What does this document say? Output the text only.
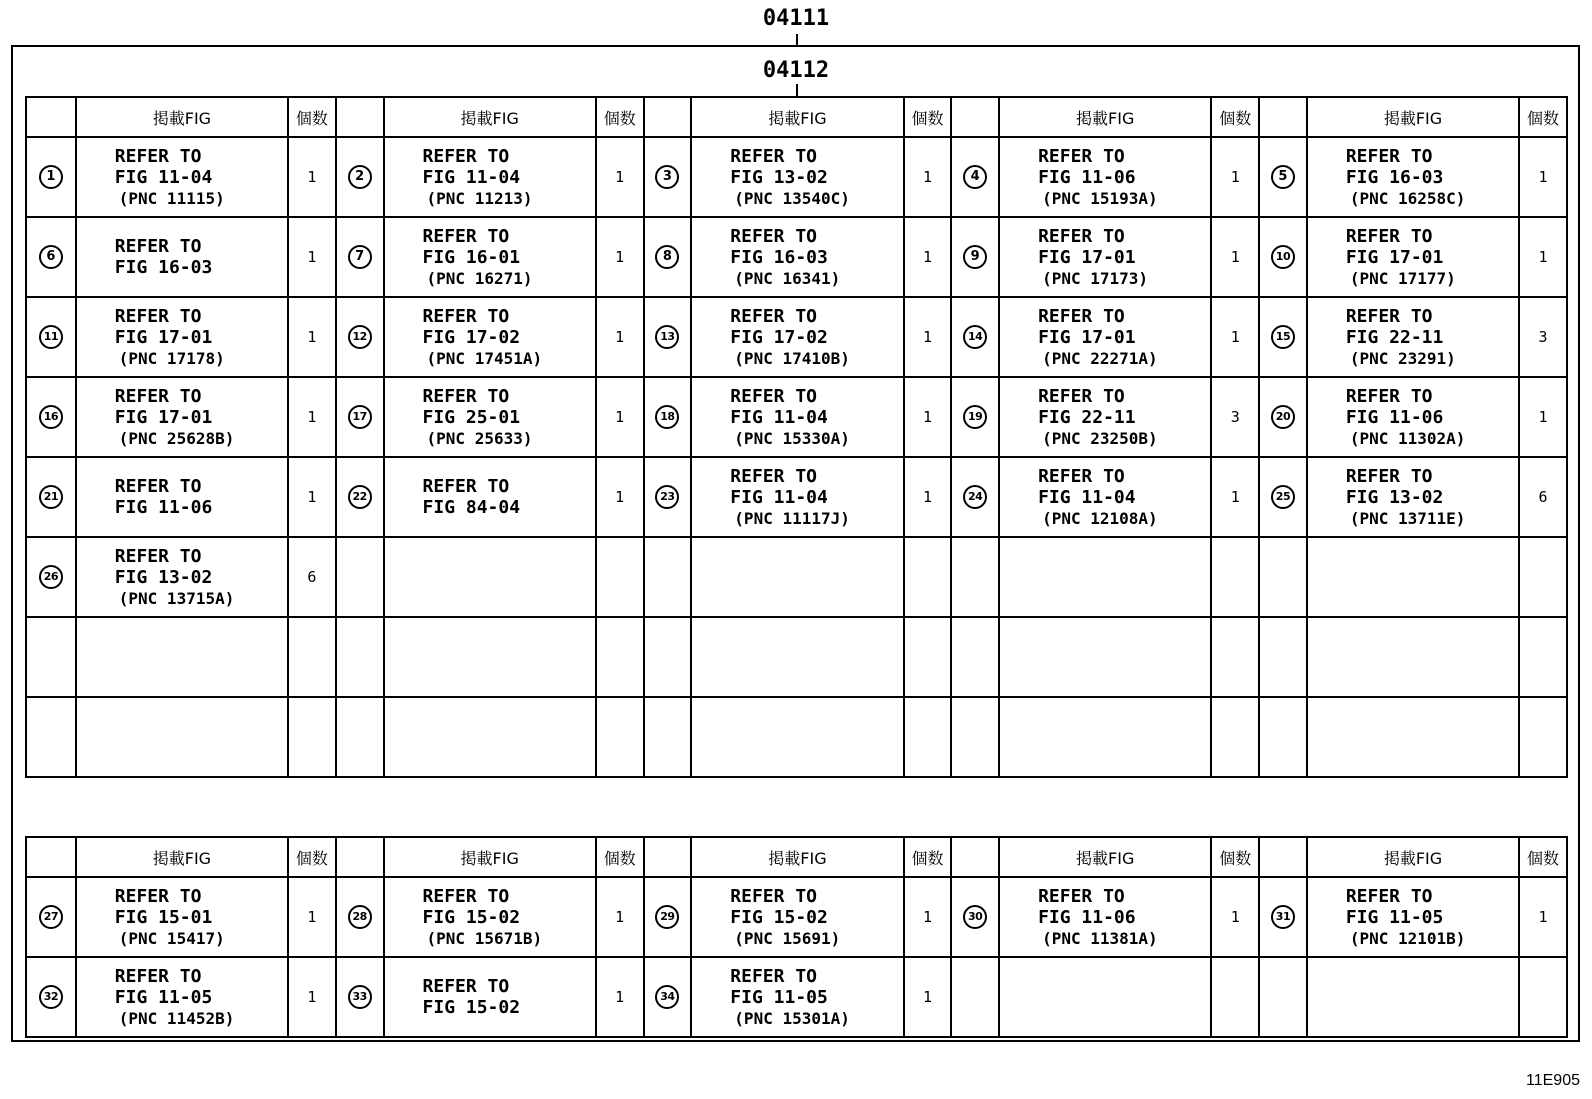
04111
04112
	掲載FIG	個数		掲載FIG	個数		掲載FIG	個数		掲載FIG	個数		掲載FIG	個数
1	REFER TO
FIG 11-04
(PNC 11115)	1	2	REFER TO
FIG 11-04
(PNC 11213)	1	3	REFER TO
FIG 13-02
(PNC 13540C)	1	4	REFER TO
FIG 11-06
(PNC 15193A)	1	5	REFER TO
FIG 16-03
(PNC 16258C)	1
6	REFER TO
FIG 16-03	1	7	REFER TO
FIG 16-01
(PNC 16271)	1	8	REFER TO
FIG 16-03
(PNC 16341)	1	9	REFER TO
FIG 17-01
(PNC 17173)	1	10	REFER TO
FIG 17-01
(PNC 17177)	1
11	REFER TO
FIG 17-01
(PNC 17178)	1	12	REFER TO
FIG 17-02
(PNC 17451A)	1	13	REFER TO
FIG 17-02
(PNC 17410B)	1	14	REFER TO
FIG 17-01
(PNC 22271A)	1	15	REFER TO
FIG 22-11
(PNC 23291)	3
16	REFER TO
FIG 17-01
(PNC 25628B)	1	17	REFER TO
FIG 25-01
(PNC 25633)	1	18	REFER TO
FIG 11-04
(PNC 15330A)	1	19	REFER TO
FIG 22-11
(PNC 23250B)	3	20	REFER TO
FIG 11-06
(PNC 11302A)	1
21	REFER TO
FIG 11-06	1	22	REFER TO
FIG 84-04	1	23	REFER TO
FIG 11-04
(PNC 11117J)	1	24	REFER TO
FIG 11-04
(PNC 12108A)	1	25	REFER TO
FIG 13-02
(PNC 13711E)	6
26	REFER TO
FIG 13-02
(PNC 13715A)	6												

	掲載FIG	個数		掲載FIG	個数		掲載FIG	個数		掲載FIG	個数		掲載FIG	個数
27	REFER TO
FIG 15-01
(PNC 15417)	1	28	REFER TO
FIG 15-02
(PNC 15671B)	1	29	REFER TO
FIG 15-02
(PNC 15691)	1	30	REFER TO
FIG 11-06
(PNC 11381A)	1	31	REFER TO
FIG 11-05
(PNC 12101B)	1
32	REFER TO
FIG 11-05
(PNC 11452B)	1	33	REFER TO
FIG 15-02	1	34	REFER TO
FIG 11-05
(PNC 15301A)	1						
11E905
